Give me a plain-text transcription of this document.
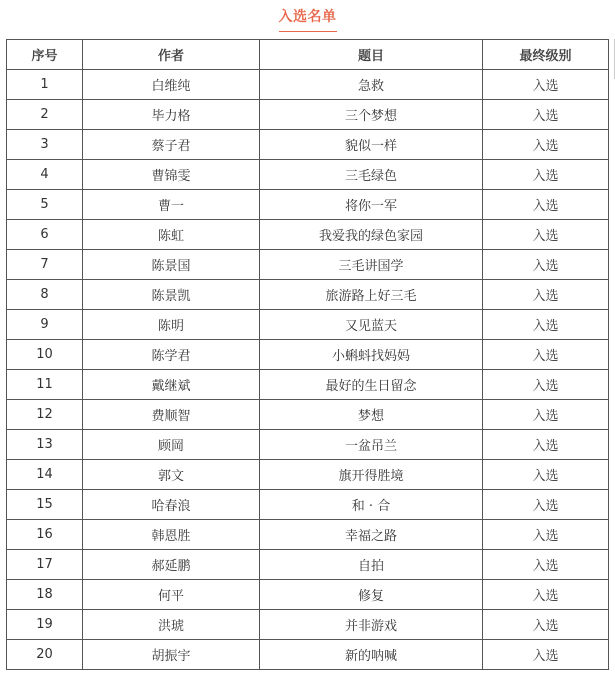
入选名单
序号	作者	题目	最终级别
1	白维纯	急救	入选
2	毕力格	三个梦想	入选
3	蔡子君	貌似一样	入选
4	曹锦雯	三毛绿色	入选
5	曹一	将你一军	入选
6	陈虹	我爱我的绿色家园	入选
7	陈景国	三毛讲国学	入选
8	陈景凯	旅游路上好三毛	入选
9	陈明	又见蓝天	入选
10	陈学君	小蝌蚪找妈妈	入选
11	戴继斌	最好的生日留念	入选
12	费顺智	梦想	入选
13	顾岡	一盆吊兰	入选
14	郭文	旗开得胜境	入选
15	哈春浪	和 · 合	入选
16	韩恩胜	幸福之路	入选
17	郝延鹏	自拍	入选
18	何平	修复	入选
19	洪琥	并非游戏	入选
20	胡振宇	新的呐喊	入选
